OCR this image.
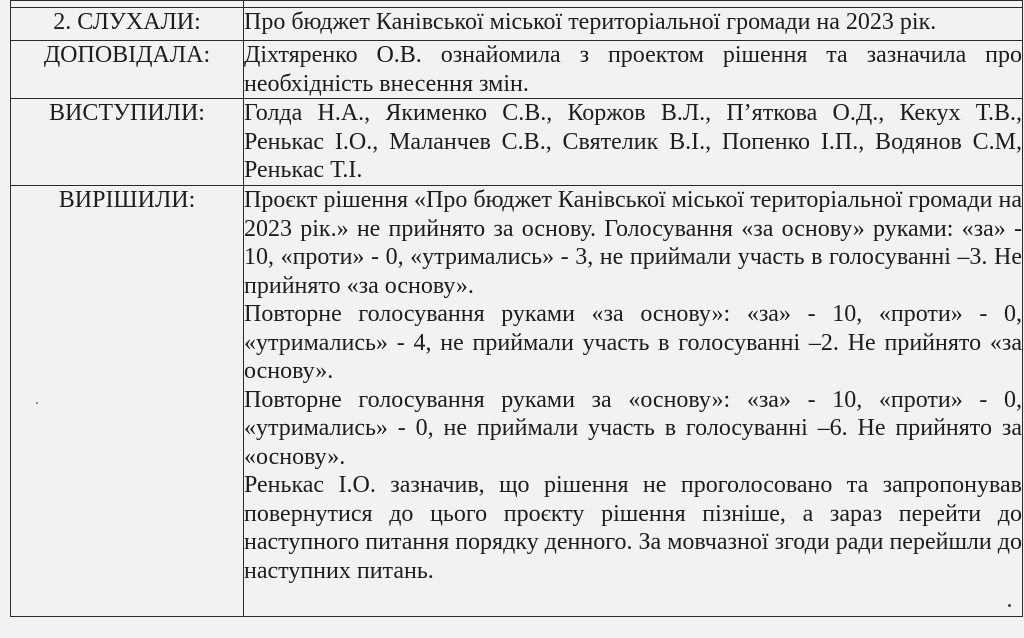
2. СЛУХАЛИ:	Про бюджет Канівської міської територіальної громади на 2023 рік.
ДОПОВІДАЛА:	Діхтяренко О.В. ознайомила з проектом рішення та зазначила про необхідність внесення змін.
ВИСТУПИЛИ:	Голда Н.А., Якименко С.В., Коржов В.Л., П’яткова О.Д., Кекух Т.В., Ренькас І.О., Маланчев С.В., Святелик В.І., Попенко І.П., Водянов С.М, Ренькас Т.І.
ВИРІШИЛИ:	Проєкт рішення «Про бюджет Канівської міської територіальної громади на 2023 рік.» не прийнято за основу. Голосування «за основу» руками: «за» - 10, «проти» - 0, «утримались» - 3, не приймали участь в голосуванні –3. Не прийнято «за основу».
Повторне голосування руками «за основу»: «за» - 10, «проти» - 0, «утримались» - 4, не приймали участь в голосуванні –2. Не прийнято «за основу».
Повторне голосування руками за «основу»: «за» - 10, «проти» - 0, «утримались» - 0, не приймали участь в голосуванні –6. Не прийнято за «основу».
Ренькас І.О. зазначив, що рішення не проголосовано та запропонував повернутися до цього проєкту рішення пізніше, а зараз перейти до наступного питання порядку денного. За мовчазної згоди ради перейшли до наступних питань.
